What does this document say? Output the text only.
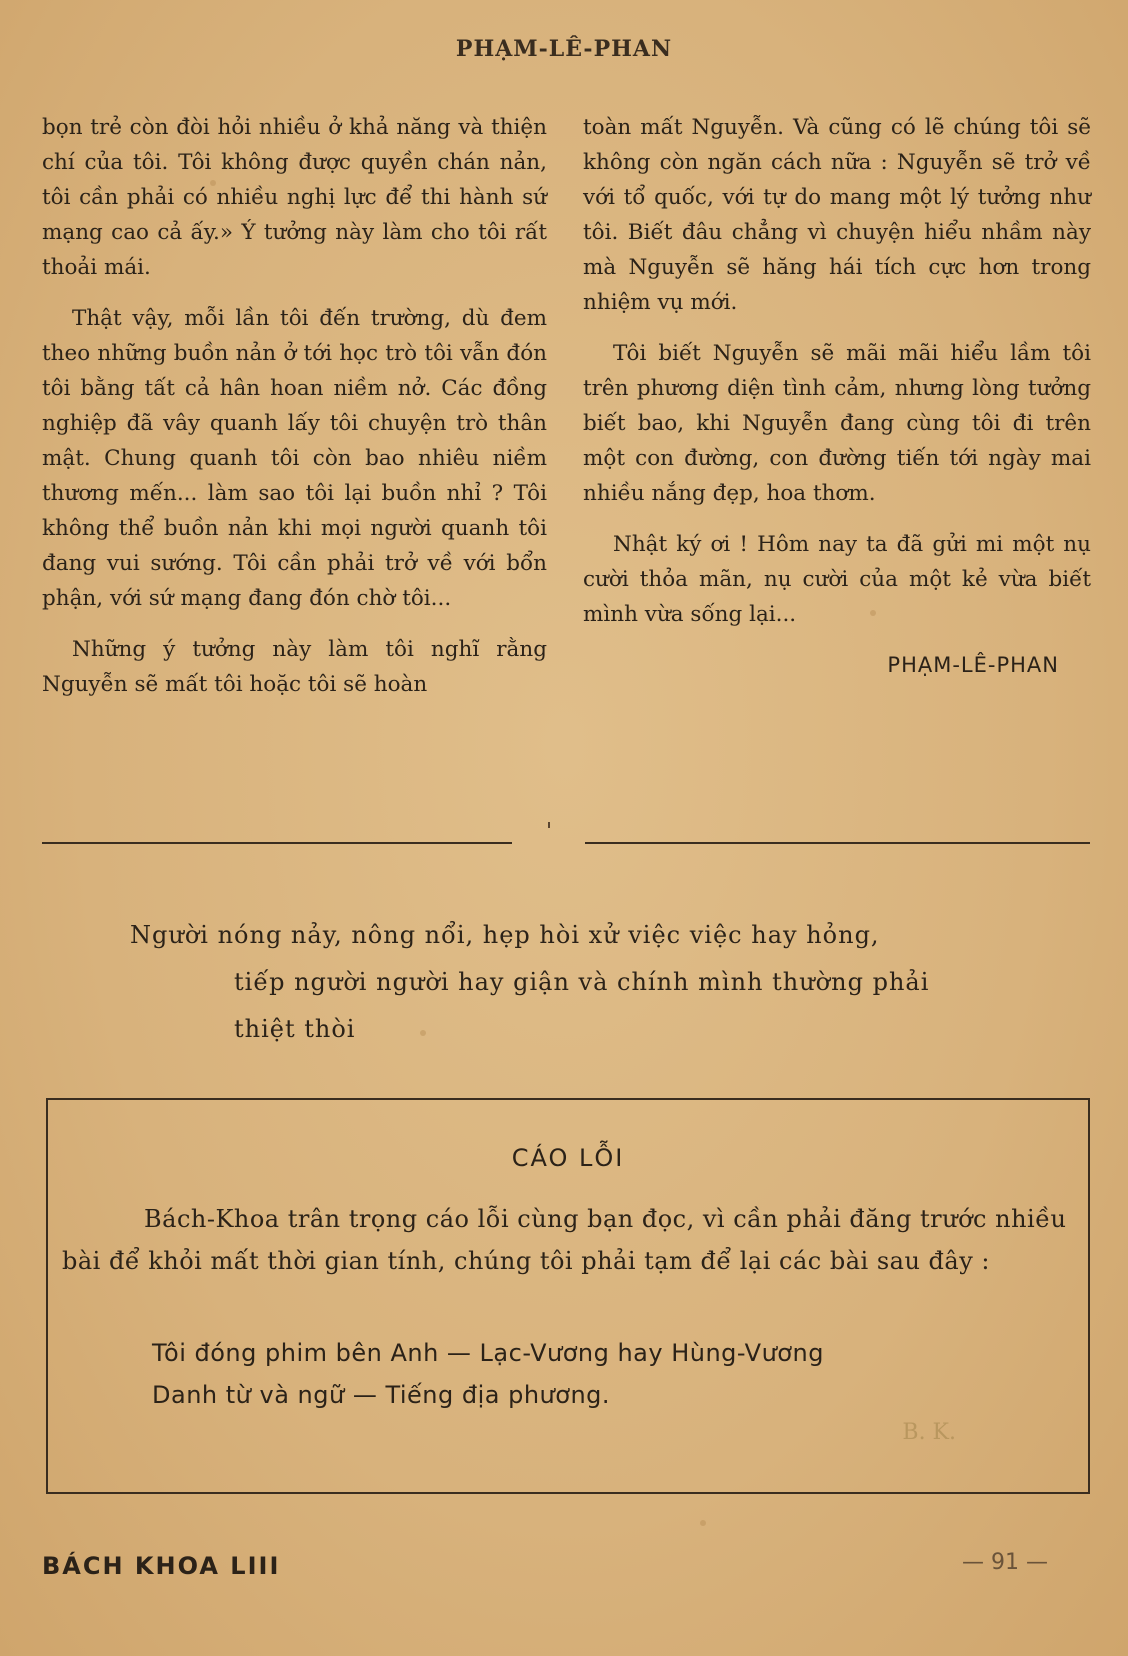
PHẠM-LÊ-PHAN

bọn trẻ còn đòi hỏi nhiều ở khả năng và thiện chí của tôi. Tôi không được quyền chán nản, tôi cần phải có nhiều nghị lực để thi hành sứ mạng cao cả ấy.» Ý tưởng này làm cho tôi rất thoải mái.

Thật vậy, mỗi lần tôi đến trường, dù đem theo những buồn nản ở tới học trò tôi vẫn đón tôi bằng tất cả hân hoan niềm nở. Các đồng nghiệp đã vây quanh lấy tôi chuyện trò thân mật. Chung quanh tôi còn bao nhiêu niềm thương mến... làm sao tôi lại buồn nhỉ ? Tôi không thể buồn nản khi mọi người quanh tôi đang vui sướng. Tôi cần phải trở về với bổn phận, với sứ mạng đang đón chờ tôi...

Những ý tưởng này làm tôi nghĩ rằng Nguyễn sẽ mất tôi hoặc tôi sẽ hoàn

toàn mất Nguyễn. Và cũng có lẽ chúng tôi sẽ không còn ngăn cách nữa : Nguyễn sẽ trở về với tổ quốc, với tự do mang một lý tưởng như tôi. Biết đâu chẳng vì chuyện hiểu nhầm này mà Nguyễn sẽ hăng hái tích cực hơn trong nhiệm vụ mới.

Tôi biết Nguyễn sẽ mãi mãi hiểu lầm tôi trên phương diện tình cảm, nhưng lòng tưởng biết bao, khi Nguyễn đang cùng tôi đi trên một con đường, con đường tiến tới ngày mai nhiều nắng đẹp, hoa thơm.

Nhật ký ơi ! Hôm nay ta đã gửi mi một nụ cười thỏa mãn, nụ cười của một kẻ vừa biết mình vừa sống lại...

PHẠM-LÊ-PHAN

Người nóng nảy, nông nổi, hẹp hòi xử việc việc hay hỏng,

tiếp người người hay giận và chính mình thường phải

thiệt thòi

CÁO LỖI

Bách-Khoa trân trọng cáo lỗi cùng bạn đọc, vì cần phải đăng trước nhiều bài để khỏi mất thời gian tính, chúng tôi phải tạm để lại các bài sau đây :

Tôi đóng phim bên Anh — Lạc-Vương hay Hùng-Vương
Danh từ và ngữ — Tiếng địa phương.
B. K.
BÁCH KHOA LIII	— 91 —
